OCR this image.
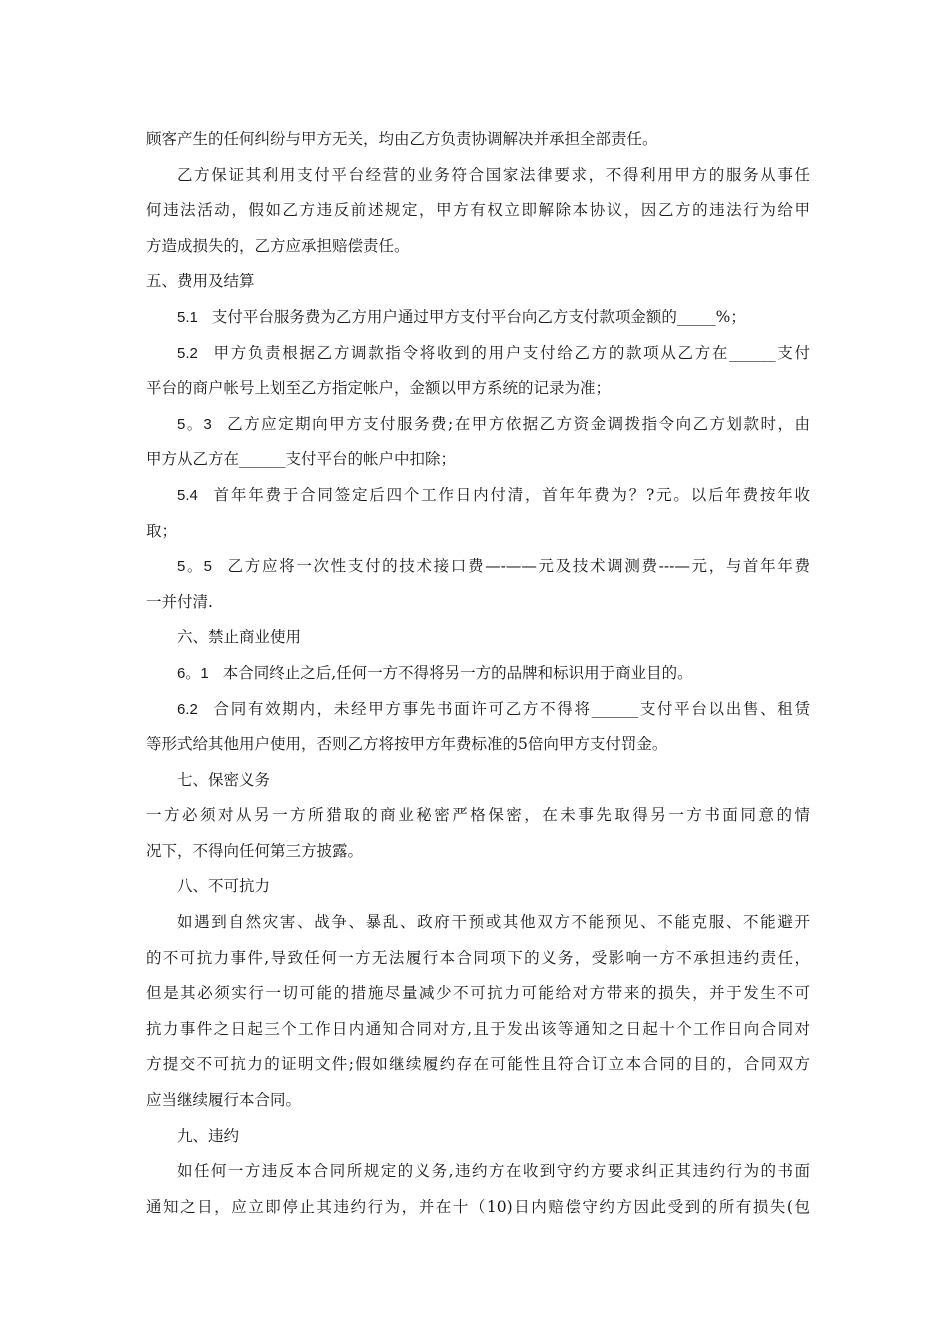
顾客产生的任何纠纷与甲方无关，均由乙方负责协调解决并承担全部责任。
乙方保证其利用支付平台经营的业务符合国家法律要求，不得利用甲方的服务从事任
何违法活动，假如乙方违反前述规定，甲方有权立即解除本协议，因乙方的违法行为给甲
方造成损失的，乙方应承担赔偿责任。
五、费用及结算
5.1 支付平台服务费为乙方用户通过甲方支付平台向乙方支付款项金额的_____%；
5.2 甲方负责根据乙方调款指令将收到的用户支付给乙方的款项从乙方在______支付
平台的商户帐号上划至乙方指定帐户，金额以甲方系统的记录为准；
5。3 乙方应定期向甲方支付服务费;在甲方依据乙方资金调拨指令向乙方划款时，由
甲方从乙方在______支付平台的帐户中扣除；
5.4 首年年费于合同签定后四个工作日内付清，首年年费为？?元。以后年费按年收
取；
5。5 乙方应将一次性支付的技术接口费—-——元及技术调测费---—元，与首年年费
一并付清.
六、禁止商业使用
6。1 本合同终止之后,任何一方不得将另一方的品牌和标识用于商业目的。
6.2 合同有效期内，未经甲方事先书面许可乙方不得将______支付平台以出售、租赁
等形式给其他用户使用，否则乙方将按甲方年费标准的5倍向甲方支付罚金。
七、保密义务
一方必须对从另一方所猎取的商业秘密严格保密，在未事先取得另一方书面同意的情
况下，不得向任何第三方披露。
八、不可抗力
如遇到自然灾害、战争、暴乱、政府干预或其他双方不能预见、不能克服、不能避开
的不可抗力事件,导致任何一方无法履行本合同项下的义务，受影响一方不承担违约责任，
但是其必须实行一切可能的措施尽量减少不可抗力可能给对方带来的损失，并于发生不可
抗力事件之日起三个工作日内通知合同对方,且于发出该等通知之日起十个工作日向合同对
方提交不可抗力的证明文件;假如继续履约存在可能性且符合订立本合同的目的，合同双方
应当继续履行本合同。
九、违约
如任何一方违反本合同所规定的义务,违约方在收到守约方要求纠正其违约行为的书面
通知之日，应立即停止其违约行为，并在十（10)日内赔偿守约方因此受到的所有损失(包
